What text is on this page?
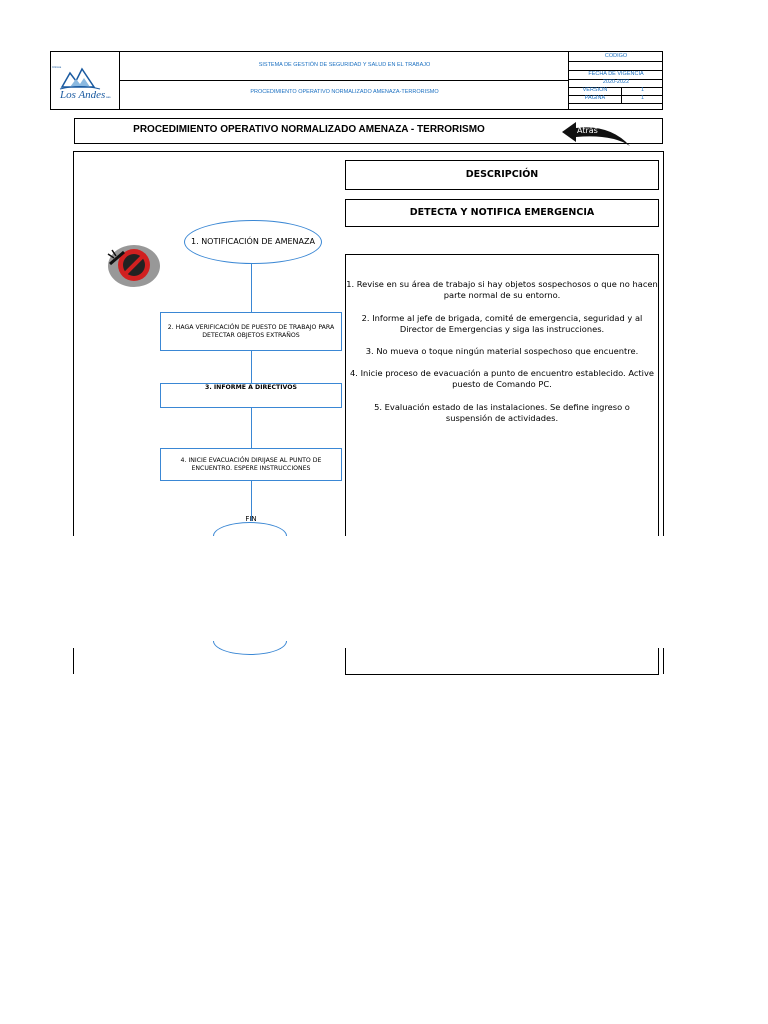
Clínica
Los Andes sas
SISTEMA DE GESTIÓN DE SEGURIDAD Y SALUD EN EL TRABAJO
PROCEDIMIENTO OPERATIVO NORMALIZADO AMENAZA-TERRORISMO
CODIGO
FECHA DE VIGENCIA
2020-2022
VERSION	1
PAGINA	1
PROCEDIMIENTO OPERATIVO NORMALIZADO AMENAZA - TERRORISMO	Atrás
DESCRIPCIÓN
DETECTA Y NOTIFICA EMERGENCIA
1. Revise en su área de trabajo si hay objetos sospechosos o que no hacen parte normal de su entorno.
2. Informe al jefe de brigada, comité de emergencia, seguridad y al Director de Emergencias y siga las instrucciones.
3. No mueva o toque ningún material sospechoso que encuentre.
4. Inicie proceso de evacuación a punto de encuentro establecido. Active puesto de Comando PC.
5. Evaluación estado de las instalaciones. Se define ingreso o suspensión de actividades.
1. NOTIFICACIÓN DE AMENAZA
2. HAGA VERIFICACIÓN DE PUESTO DE TRABAJO PARA DETECTAR OBJETOS EXTRAÑOS
3. INFORME A DIRECTIVOS
4. INICIE EVACUACIÓN DIRIJASE AL PUNTO DE ENCUENTRO. ESPERE INSTRUCCIONES
FIN
